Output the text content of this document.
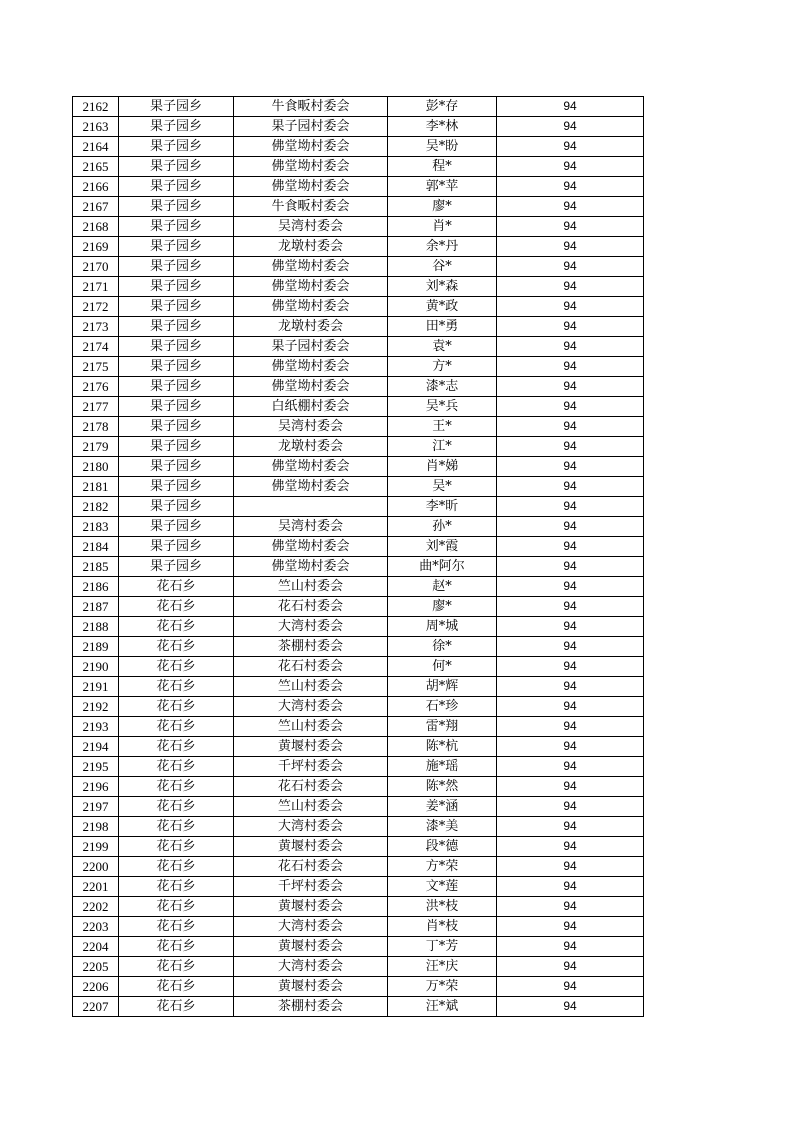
2162	果子园乡	牛食畈村委会	彭*存	94
2163	果子园乡	果子园村委会	李*林	94
2164	果子园乡	佛堂坳村委会	吴*盼	94
2165	果子园乡	佛堂坳村委会	程*	94
2166	果子园乡	佛堂坳村委会	郭*苹	94
2167	果子园乡	牛食畈村委会	廖*	94
2168	果子园乡	吴湾村委会	肖*	94
2169	果子园乡	龙墩村委会	余*丹	94
2170	果子园乡	佛堂坳村委会	谷*	94
2171	果子园乡	佛堂坳村委会	刘*森	94
2172	果子园乡	佛堂坳村委会	黄*政	94
2173	果子园乡	龙墩村委会	田*勇	94
2174	果子园乡	果子园村委会	袁*	94
2175	果子园乡	佛堂坳村委会	方*	94
2176	果子园乡	佛堂坳村委会	漆*志	94
2177	果子园乡	白纸棚村委会	吴*兵	94
2178	果子园乡	吴湾村委会	王*	94
2179	果子园乡	龙墩村委会	江*	94
2180	果子园乡	佛堂坳村委会	肖*娣	94
2181	果子园乡	佛堂坳村委会	吴*	94
2182	果子园乡		李*昕	94
2183	果子园乡	吴湾村委会	孙*	94
2184	果子园乡	佛堂坳村委会	刘*霞	94
2185	果子园乡	佛堂坳村委会	曲*阿尔	94
2186	花石乡	竺山村委会	赵*	94
2187	花石乡	花石村委会	廖*	94
2188	花石乡	大湾村委会	周*城	94
2189	花石乡	茶棚村委会	徐*	94
2190	花石乡	花石村委会	何*	94
2191	花石乡	竺山村委会	胡*辉	94
2192	花石乡	大湾村委会	石*珍	94
2193	花石乡	竺山村委会	雷*翔	94
2194	花石乡	黄堰村委会	陈*杭	94
2195	花石乡	千坪村委会	施*瑶	94
2196	花石乡	花石村委会	陈*然	94
2197	花石乡	竺山村委会	姜*涵	94
2198	花石乡	大湾村委会	漆*美	94
2199	花石乡	黄堰村委会	段*德	94
2200	花石乡	花石村委会	方*荣	94
2201	花石乡	千坪村委会	文*莲	94
2202	花石乡	黄堰村委会	洪*枝	94
2203	花石乡	大湾村委会	肖*枝	94
2204	花石乡	黄堰村委会	丁*芳	94
2205	花石乡	大湾村委会	汪*庆	94
2206	花石乡	黄堰村委会	万*荣	94
2207	花石乡	茶棚村委会	汪*斌	94
